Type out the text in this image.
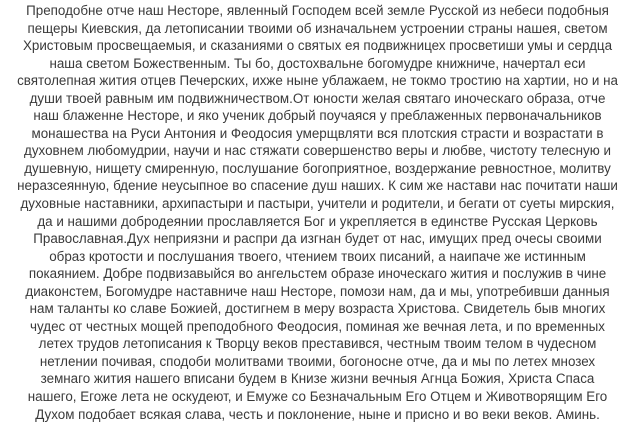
Преподобне отче наш Несторе, явленный Господем всей земле Русской из небеси подобныя
пещеры Киевския, да летописании твоими об изначальнем устроении страны нашея, светом
Христовым просвещаемыя, и сказаниями о святых ея подвижницех просветиши умы и сердца
наша светом Божественным. Ты бо, достохвальне богомудре книжниче, начертал еси
святолепная жития отцев Печерских, ихже ныне ублажаем, не токмо тростию на хартии, но и на
души твоей равным им подвижничеством.От юности желая святаго иноческаго образа, отче
наш блаженне Несторе, и яко ученик добрый поучаяся у преблаженных первоначальников
монашества на Руси Антония и Феодосия умерщвляти вся плотския страсти и возрастати в
духовнем любомудрии, научи и нас стяжати совершенство веры и любве, чистоту телесную и
душевную, нищету смиренную, послушание богоприятное, воздержание ревностное, молитву
неразсеянную, бдение неусыпное во спасение душ наших. К сим же настави нас почитати наши
духовные наставники, архипастыри и пастыри, учители и родители, и бегати от суеты мирския,
да и нашими добродеянии прославляется Бог и укрепляется в единстве Русская Церковь
Православная.Дух неприязни и распри да изгнан будет от нас, имущих пред очесы своими
образ кротости и послушания твоего, чтением твоих писаний, а наипаче же истинным
покаянием. Добре подвизавыйся во ангельстем образе иноческаго жития и послужив в чине
диаконстем, Богомудре наставниче наш Несторе, помози нам, да и мы, употребивши данныя
нам таланты ко славе Божией, достигнем в меру возраста Христова. Свидетель быв многих
чудес от честных мощей преподобного Феодосия, поминая же вечная лета, и по временных
летех трудов летописания к Творцу веков преставився, честным твоим телом в чудесном
нетлении почивая, сподоби молитвами твоими, богоносне отче, да и мы по летех мнозех
земнаго жития нашего вписани будем в Книзе жизни вечныя Агнца Божия, Христа Спаса
нашего, Егоже лета не оскудеют, и Емуже со Безначальным Его Отцем и Животворящим Его
Духом подобает всякая слава, честь и поклонение, ныне и присно и во веки веков. Аминь.
